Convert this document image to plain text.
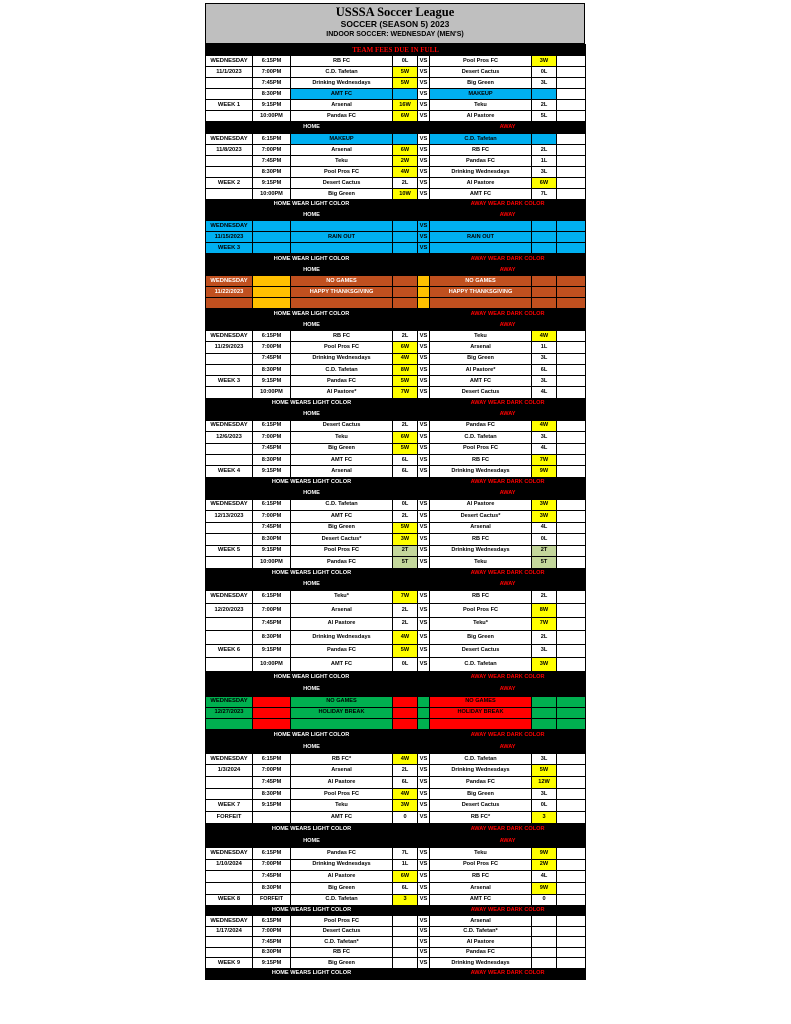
USSSA Soccer League
SOCCER (SEASON 5) 2023
INDOOR SOCCER: WEDNESDAY (MEN'S)
TEAM FEES DUE IN FULL							
WEDNESDAY	6:15PM	RB FC	0L	VS	Pool Pros FC	3W	
11/1/2023	7:00PM	C.D. Tafetan	5W	VS	Desert Cactus	0L	
	7:45PM	Drinking Wednesdays	5W	VS	Big Green	3L	
	8:30PM	AMT FC		VS	MAKEUP		
WEEK 1	9:15PM	Arsenal	16W	VS	Teku	2L	
	10:00PM	Pandas FC	6W	VS	Al Pastore	5L	
HOME					AWAY		
WEDNESDAY	6:15PM	MAKEUP		VS	C.D. Tafetan		
11/8/2023	7:00PM	Arsenal	6W	VS	RB FC	2L	
	7:45PM	Teku	2W	VS	Pandas FC	1L	
	8:30PM	Pool Pros FC	4W	VS	Drinking Wednesdays	3L	
WEEK 2	9:15PM	Desert Cactus	2L	VS	Al Pastore	6W	
	10:00PM	Big Green	10W	VS	AMT FC	7L	
HOME WEAR LIGHT COLOR					AWAY WEAR DARK COLOR		
HOME					AWAY		
WEDNESDAY				VS			
11/15/2023		RAIN OUT		VS	RAIN OUT		
WEEK 3				VS			
HOME WEAR LIGHT COLOR					AWAY WEAR DARK COLOR		
HOME					AWAY		
WEDNESDAY		NO GAMES			NO GAMES		
11/22/2023		HAPPY THANKSGIVING			HAPPY THANKSGIVING		

HOME WEAR LIGHT COLOR					AWAY WEAR DARK COLOR		
HOME					AWAY		
WEDNESDAY	6:15PM	RB FC	2L	VS	Teku	4W	
11/29/2023	7:00PM	Pool Pros FC	6W	VS	Arsenal	1L	
	7:45PM	Drinking Wednesdays	4W	VS	Big Green	3L	
	8:30PM	C.D. Tafetan	8W	VS	Al Pastore*	6L	
WEEK 3	9:15PM	Pandas FC	5W	VS	AMT FC	3L	
	10:00PM	Al Pastore*	7W	VS	Desert Cactus	4L	
HOME WEARS LIGHT COLOR					AWAY WEAR DARK COLOR		
HOME					AWAY		
WEDNESDAY	6:15PM	Desert Cactus	2L	VS	Pandas FC	4W	
12/6/2023	7:00PM	Teku	6W	VS	C.D. Tafetan	3L	
	7:45PM	Big Green	5W	VS	Pool Pros FC	4L	
	8:30PM	AMT FC	6L	VS	RB FC	7W	
WEEK 4	9:15PM	Arsenal	6L	VS	Drinking Wednesdays	9W	
HOME WEARS LIGHT COLOR					AWAY WEAR DARK COLOR		
HOME					AWAY		
WEDNESDAY	6:15PM	C.D. Tafetan	0L	VS	Al Pastore	3W	
12/13/2023	7:00PM	AMT FC	2L	VS	Desert Cactus*	3W	
	7:45PM	Big Green	5W	VS	Arsenal	4L	
	8:30PM	Desert Cactus*	3W	VS	RB FC	0L	
WEEK 5	9:15PM	Pool Pros FC	2T	VS	Drinking Wednesdays	2T	
	10:00PM	Pandas FC	5T	VS	Teku	5T	
HOME WEARS LIGHT COLOR					AWAY WEAR DARK COLOR		
HOME					AWAY		
WEDNESDAY	6:15PM	Teku*	7W	VS	RB FC	2L	
12/20/2023	7:00PM	Arsenal	2L	VS	Pool Pros FC	8W	
	7:45PM	Al Pastore	2L	VS	Teku*	7W	
	8:30PM	Drinking Wednesdays	4W	VS	Big Green	2L	
WEEK 6	9:15PM	Pandas FC	5W	VS	Desert Cactus	3L	
	10:00PM	AMT FC	0L	VS	C.D. Tafetan	3W	
HOME WEAR LIGHT COLOR					AWAY WEAR DARK COLOR		
HOME					AWAY		
WEDNESDAY		NO GAMES			NO GAMES		
12/27/2023		HOLIDAY BREAK			HOLIDAY BREAK		

HOME WEAR LIGHT COLOR					AWAY WEAR DARK COLOR		
HOME					AWAY		
WEDNESDAY	6:15PM	RB FC*	4W	VS	C.D. Tafetan	3L	
1/3/2024	7:00PM	Arsenal	2L	VS	Drinking Wednesdays	5W	
	7:45PM	Al Pastore	6L	VS	Pandas FC	12W	
	8:30PM	Pool Pros FC	4W	VS	Big Green	3L	
WEEK 7	9:15PM	Teku	3W	VS	Desert Cactus	0L	
FORFEIT		AMT FC	0	VS	RB FC*	3	
HOME WEARS LIGHT COLOR					AWAY WEAR DARK COLOR		
HOME					AWAY		
WEDNESDAY	6:15PM	Pandas FC	7L	VS	Teku	9W	
1/10/2024	7:00PM	Drinking Wednesdays	1L	VS	Pool Pros FC	2W	
	7:45PM	Al Pastore	6W	VS	RB FC	4L	
	8:30PM	Big Green	6L	VS	Arsenal	9W	
WEEK 8	FORFEIT	C.D. Tafetan	3	VS	AMT FC	0	
HOME WEARS LIGHT COLOR					AWAY WEAR DARK COLOR		
WEDNESDAY	6:15PM	Pool Pros FC		VS	Arsenal		
1/17/2024	7:00PM	Desert Cactus		VS	C.D. Tafetan*		
	7:45PM	C.D. Tafetan*		VS	Al Pastore		
	8:30PM	RB FC		VS	Pandas FC		
WEEK 9	9:15PM	Big Green		VS	Drinking Wednesdays		
HOME WEARS LIGHT COLOR					AWAY WEAR DARK COLOR		
